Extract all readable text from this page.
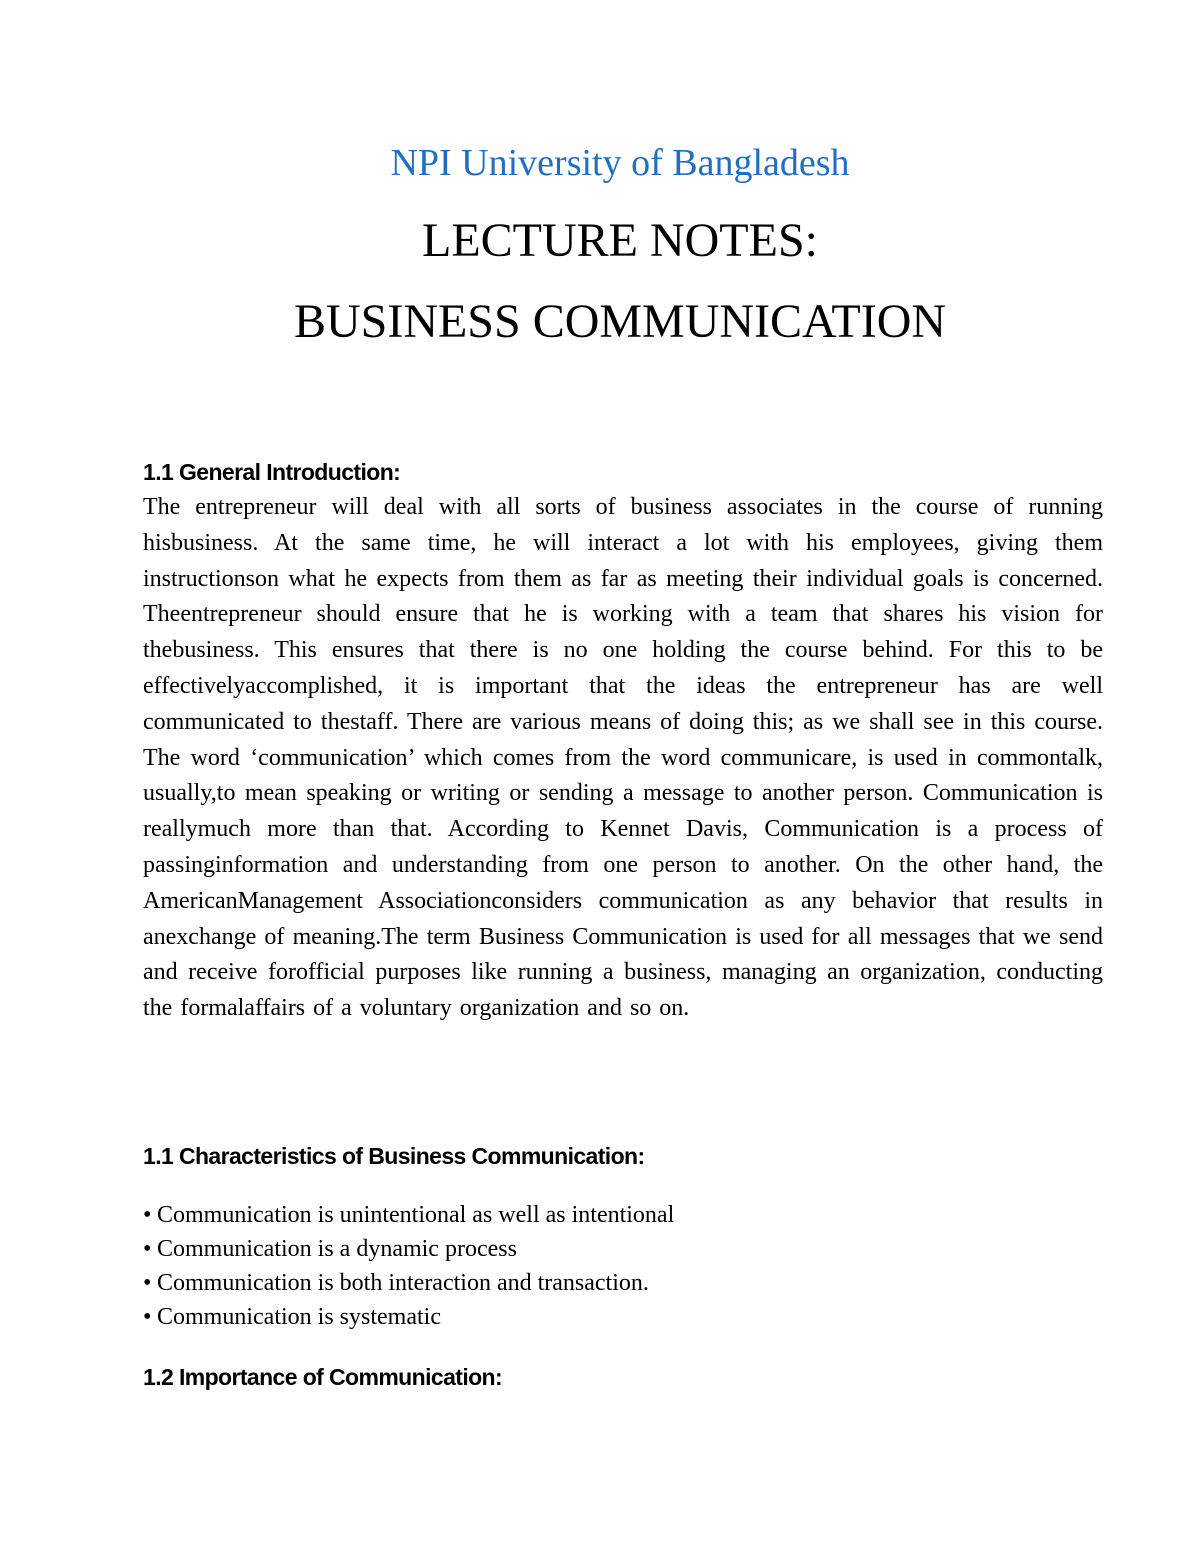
NPI University of Bangladesh
LECTURE NOTES:
BUSINESS COMMUNICATION
1.1 General Introduction:

The entrepreneur will deal with all sorts of business associates in the course of running hisbusiness. At the same time, he will interact a lot with his employees, giving them instructionson what he expects from them as far as meeting their individual goals is concerned. Theentrepreneur should ensure that he is working with a team that shares his vision for thebusiness. This ensures that there is no one holding the course behind. For this to be effectivelyaccomplished, it is important that the ideas the entrepreneur has are well communicated to thestaff. There are various means of doing this; as we shall see in this course. The word ‘communication’ which comes from the word communicare, is used in commontalk, usually,to mean speaking or writing or sending a message to another person. Communication is reallymuch more than that. According to Kennet Davis, Communication is a process of passinginformation and understanding from one person to another. On the other hand, the AmericanManagement Associationconsiders communication as any behavior that results in anexchange of meaning.The term Business Communication is used for all messages that we send and receive forofficial purposes like running a business, managing an organization, conducting the formalaffairs of a voluntary organization and so on.

1.1 Characteristics of Business Communication:
• Communication is unintentional as well as intentional
• Communication is a dynamic process
• Communication is both interaction and transaction.
• Communication is systematic
1.2 Importance of Communication:
